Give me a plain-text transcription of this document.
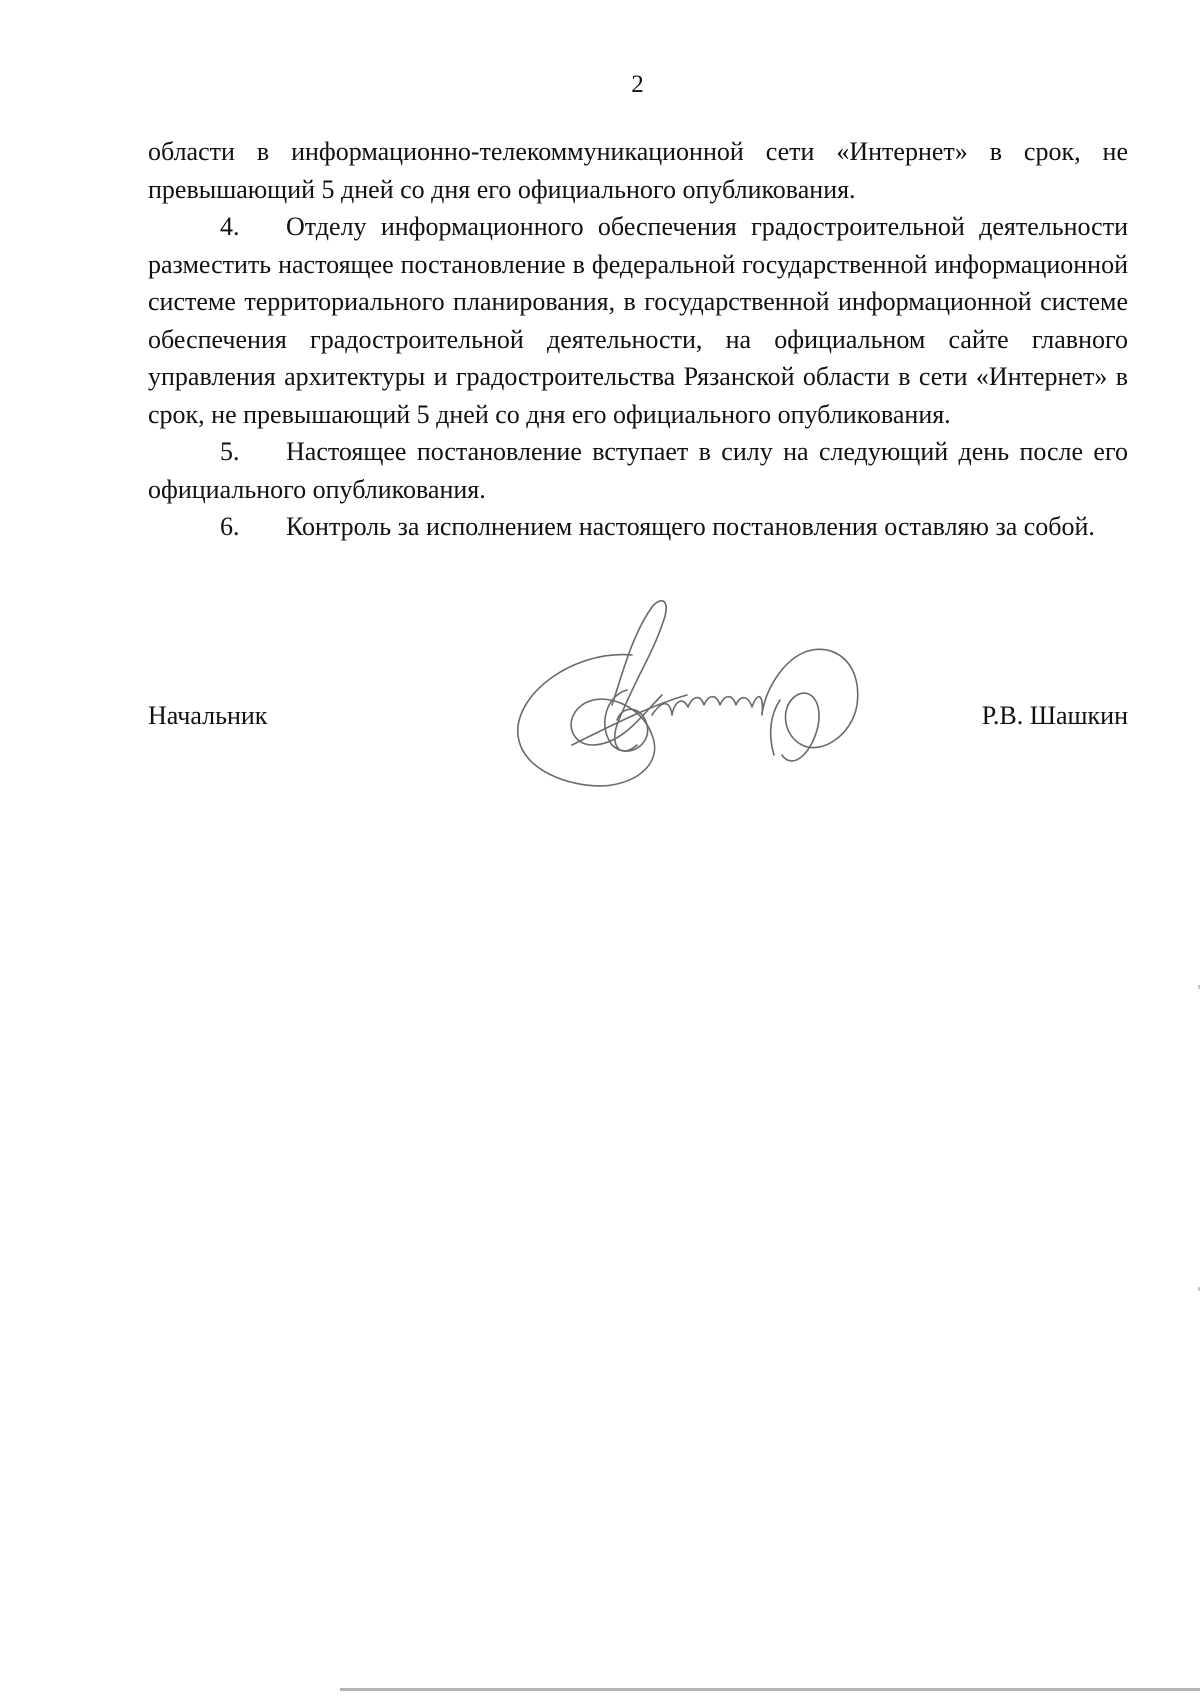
2

области в информационно-телекоммуникационной сети «Интернет» в срок, не превышающий 5 дней со дня его официального опубликования.

4. Отделу информационного обеспечения градостроительной деятельности разместить настоящее постановление в федеральной государственной информационной системе территориального планирования, в государственной информационной системе обеспечения градостроительной деятельности, на официальном сайте главного управления архитектуры и градостроительства Рязанской области в сети «Интернет» в срок, не превышающий 5 дней со дня его официального опубликования.

5. Настоящее постановление вступает в силу на следующий день после его официального опубликования.

6. Контроль за исполнением настоящего постановления оставляю за собой.

Начальник	Р.В. Шашкин
